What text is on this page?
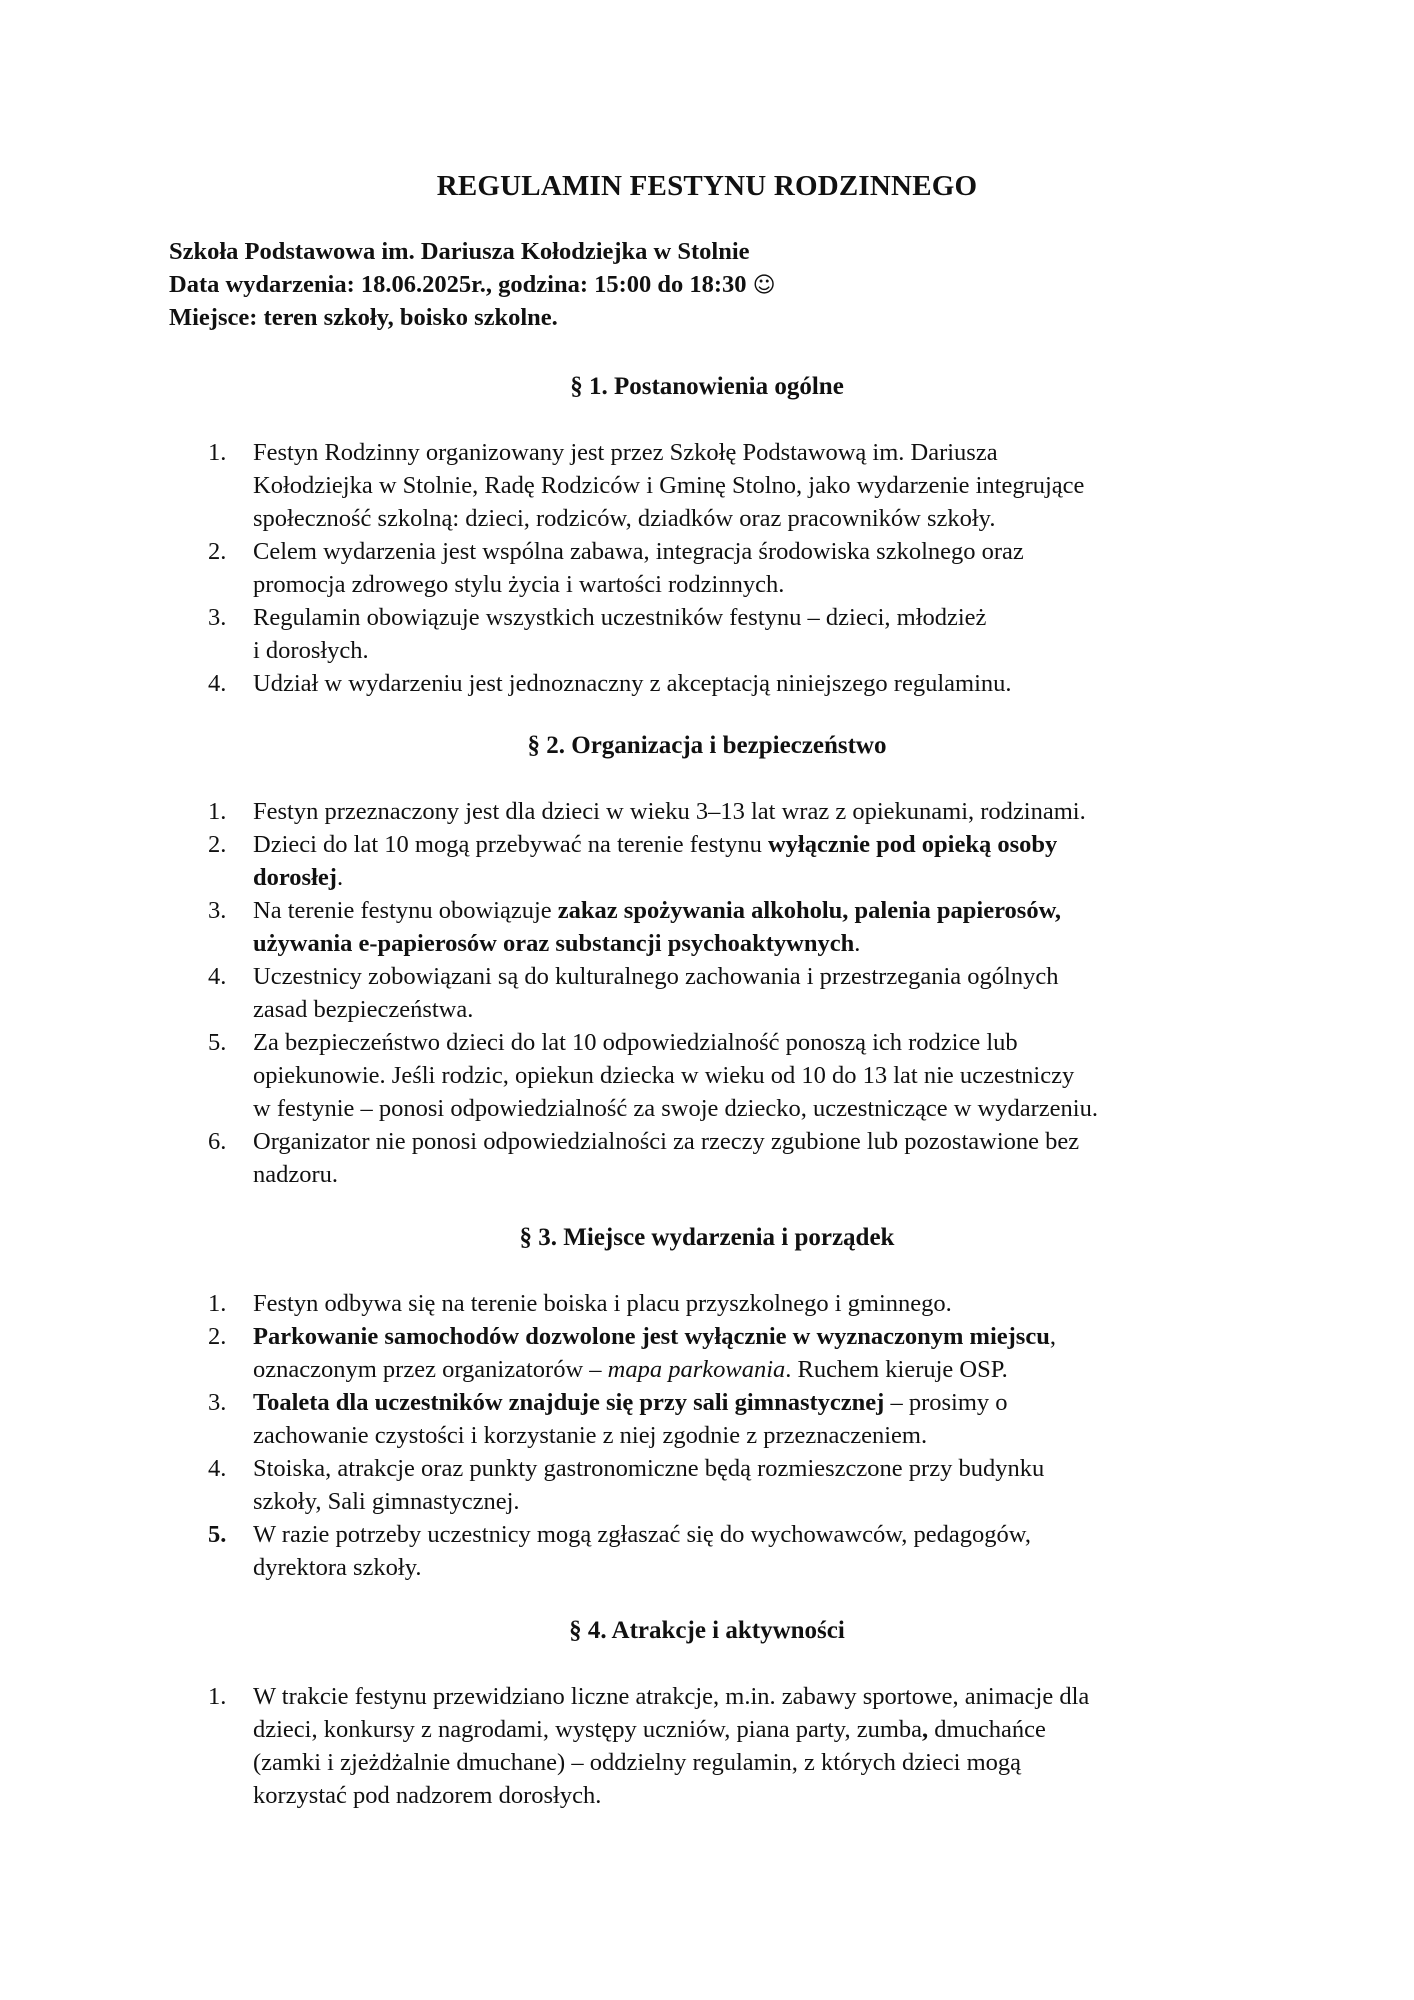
REGULAMIN FESTYNU RODZINNEGO
Szkoła Podstawowa im. Dariusza Kołodziejka w Stolnie
Data wydarzenia: 18.06.2025r., godzina: 15:00 do 18:30 ☺
Miejsce: teren szkoły, boisko szkolne.
§ 1. Postanowienia ogólne
1. Festyn Rodzinny organizowany jest przez Szkołę Podstawową im. Dariusza
Kołodziejka w Stolnie, Radę Rodziców i Gminę Stolno, jako wydarzenie integrujące
społeczność szkolną: dzieci, rodziców, dziadków oraz pracowników szkoły.
2. Celem wydarzenia jest wspólna zabawa, integracja środowiska szkolnego oraz
promocja zdrowego stylu życia i wartości rodzinnych.
3. Regulamin obowiązuje wszystkich uczestników festynu – dzieci, młodzież
i dorosłych.
4. Udział w wydarzeniu jest jednoznaczny z akceptacją niniejszego regulaminu.
§ 2. Organizacja i bezpieczeństwo
1. Festyn przeznaczony jest dla dzieci w wieku 3–13 lat wraz z opiekunami, rodzinami.
2. Dzieci do lat 10 mogą przebywać na terenie festynu wyłącznie pod opieką osoby
dorosłej.
3. Na terenie festynu obowiązuje zakaz spożywania alkoholu, palenia papierosów,
używania e-papierosów oraz substancji psychoaktywnych.
4. Uczestnicy zobowiązani są do kulturalnego zachowania i przestrzegania ogólnych
zasad bezpieczeństwa.
5. Za bezpieczeństwo dzieci do lat 10 odpowiedzialność ponoszą ich rodzice lub
opiekunowie. Jeśli rodzic, opiekun dziecka w wieku od 10 do 13 lat nie uczestniczy
w festynie – ponosi odpowiedzialność za swoje dziecko, uczestniczące w wydarzeniu.
6. Organizator nie ponosi odpowiedzialności za rzeczy zgubione lub pozostawione bez
nadzoru.
§ 3. Miejsce wydarzenia i porządek
1. Festyn odbywa się na terenie boiska i placu przyszkolnego i gminnego.
2. Parkowanie samochodów dozwolone jest wyłącznie w wyznaczonym miejscu,
oznaczonym przez organizatorów – mapa parkowania. Ruchem kieruje OSP.
3. Toaleta dla uczestników znajduje się przy sali gimnastycznej – prosimy o
zachowanie czystości i korzystanie z niej zgodnie z przeznaczeniem.
4. Stoiska, atrakcje oraz punkty gastronomiczne będą rozmieszczone przy budynku
szkoły, Sali gimnastycznej.
5. W razie potrzeby uczestnicy mogą zgłaszać się do wychowawców, pedagogów,
dyrektora szkoły.
§ 4. Atrakcje i aktywności
1. W trakcie festynu przewidziano liczne atrakcje, m.in. zabawy sportowe, animacje dla
dzieci, konkursy z nagrodami, występy uczniów, piana party, zumba, dmuchańce
(zamki i zjeżdżalnie dmuchane) – oddzielny regulamin, z których dzieci mogą
korzystać pod nadzorem dorosłych.
